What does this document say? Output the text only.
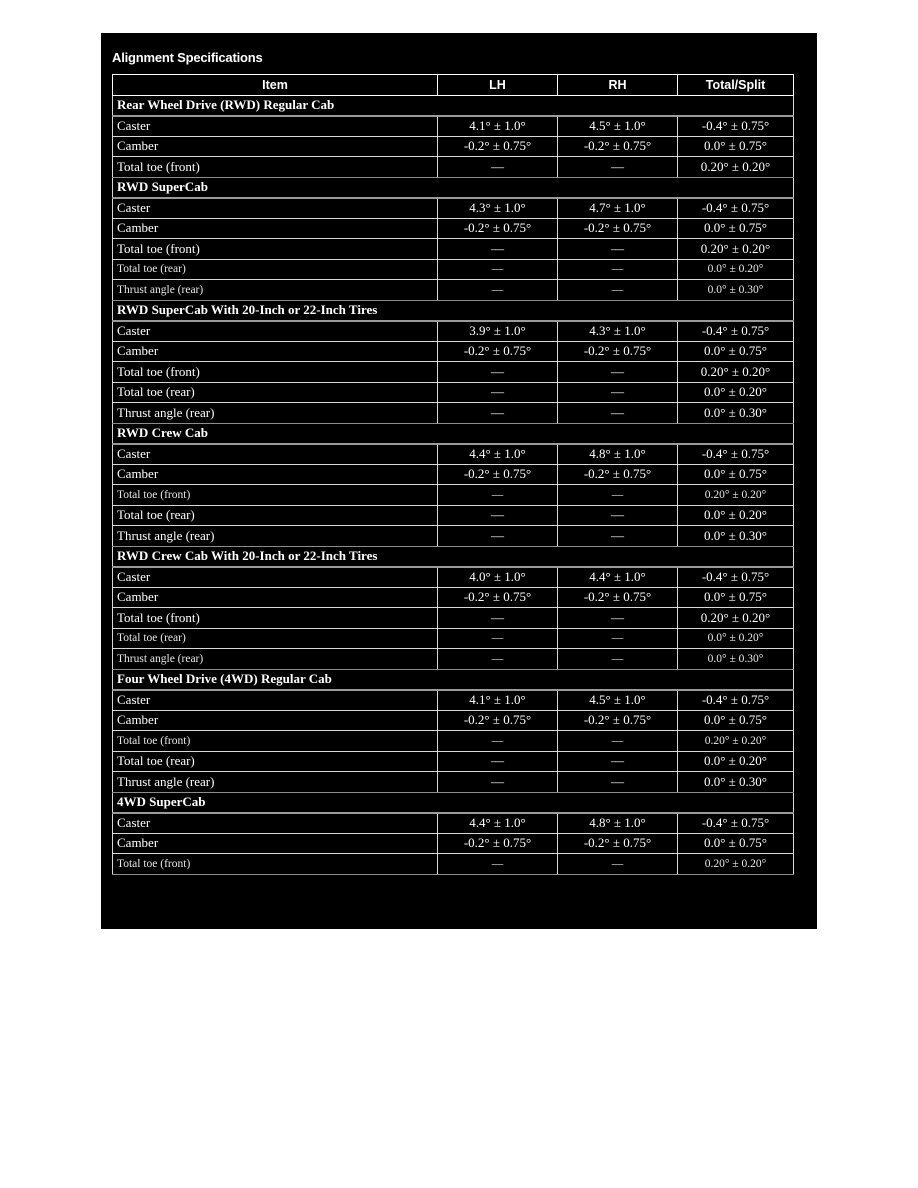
Alignment Specifications
Item	LH	RH	Total/Split
Rear Wheel Drive (RWD) Regular Cab			
Caster	4.1° ± 1.0°	4.5° ± 1.0°	-0.4° ± 0.75°
Camber	-0.2° ± 0.75°	-0.2° ± 0.75°	0.0° ± 0.75°
Total toe (front)	—	—	0.20° ± 0.20°
RWD SuperCab			
Caster	4.3° ± 1.0°	4.7° ± 1.0°	-0.4° ± 0.75°
Camber	-0.2° ± 0.75°	-0.2° ± 0.75°	0.0° ± 0.75°
Total toe (front)	—	—	0.20° ± 0.20°
Total toe (rear)	—	—	0.0° ± 0.20°
Thrust angle (rear)	—	—	0.0° ± 0.30°
RWD SuperCab With 20-Inch or 22-Inch Tires			
Caster	3.9° ± 1.0°	4.3° ± 1.0°	-0.4° ± 0.75°
Camber	-0.2° ± 0.75°	-0.2° ± 0.75°	0.0° ± 0.75°
Total toe (front)	—	—	0.20° ± 0.20°
Total toe (rear)	—	—	0.0° ± 0.20°
Thrust angle (rear)	—	—	0.0° ± 0.30°
RWD Crew Cab			
Caster	4.4° ± 1.0°	4.8° ± 1.0°	-0.4° ± 0.75°
Camber	-0.2° ± 0.75°	-0.2° ± 0.75°	0.0° ± 0.75°
Total toe (front)	—	—	0.20° ± 0.20°
Total toe (rear)	—	—	0.0° ± 0.20°
Thrust angle (rear)	—	—	0.0° ± 0.30°
RWD Crew Cab With 20-Inch or 22-Inch Tires			
Caster	4.0° ± 1.0°	4.4° ± 1.0°	-0.4° ± 0.75°
Camber	-0.2° ± 0.75°	-0.2° ± 0.75°	0.0° ± 0.75°
Total toe (front)	—	—	0.20° ± 0.20°
Total toe (rear)	—	—	0.0° ± 0.20°
Thrust angle (rear)	—	—	0.0° ± 0.30°
Four Wheel Drive (4WD) Regular Cab			
Caster	4.1° ± 1.0°	4.5° ± 1.0°	-0.4° ± 0.75°
Camber	-0.2° ± 0.75°	-0.2° ± 0.75°	0.0° ± 0.75°
Total toe (front)	—	—	0.20° ± 0.20°
Total toe (rear)	—	—	0.0° ± 0.20°
Thrust angle (rear)	—	—	0.0° ± 0.30°
4WD SuperCab			
Caster	4.4° ± 1.0°	4.8° ± 1.0°	-0.4° ± 0.75°
Camber	-0.2° ± 0.75°	-0.2° ± 0.75°	0.0° ± 0.75°
Total toe (front)	—	—	0.20° ± 0.20°
